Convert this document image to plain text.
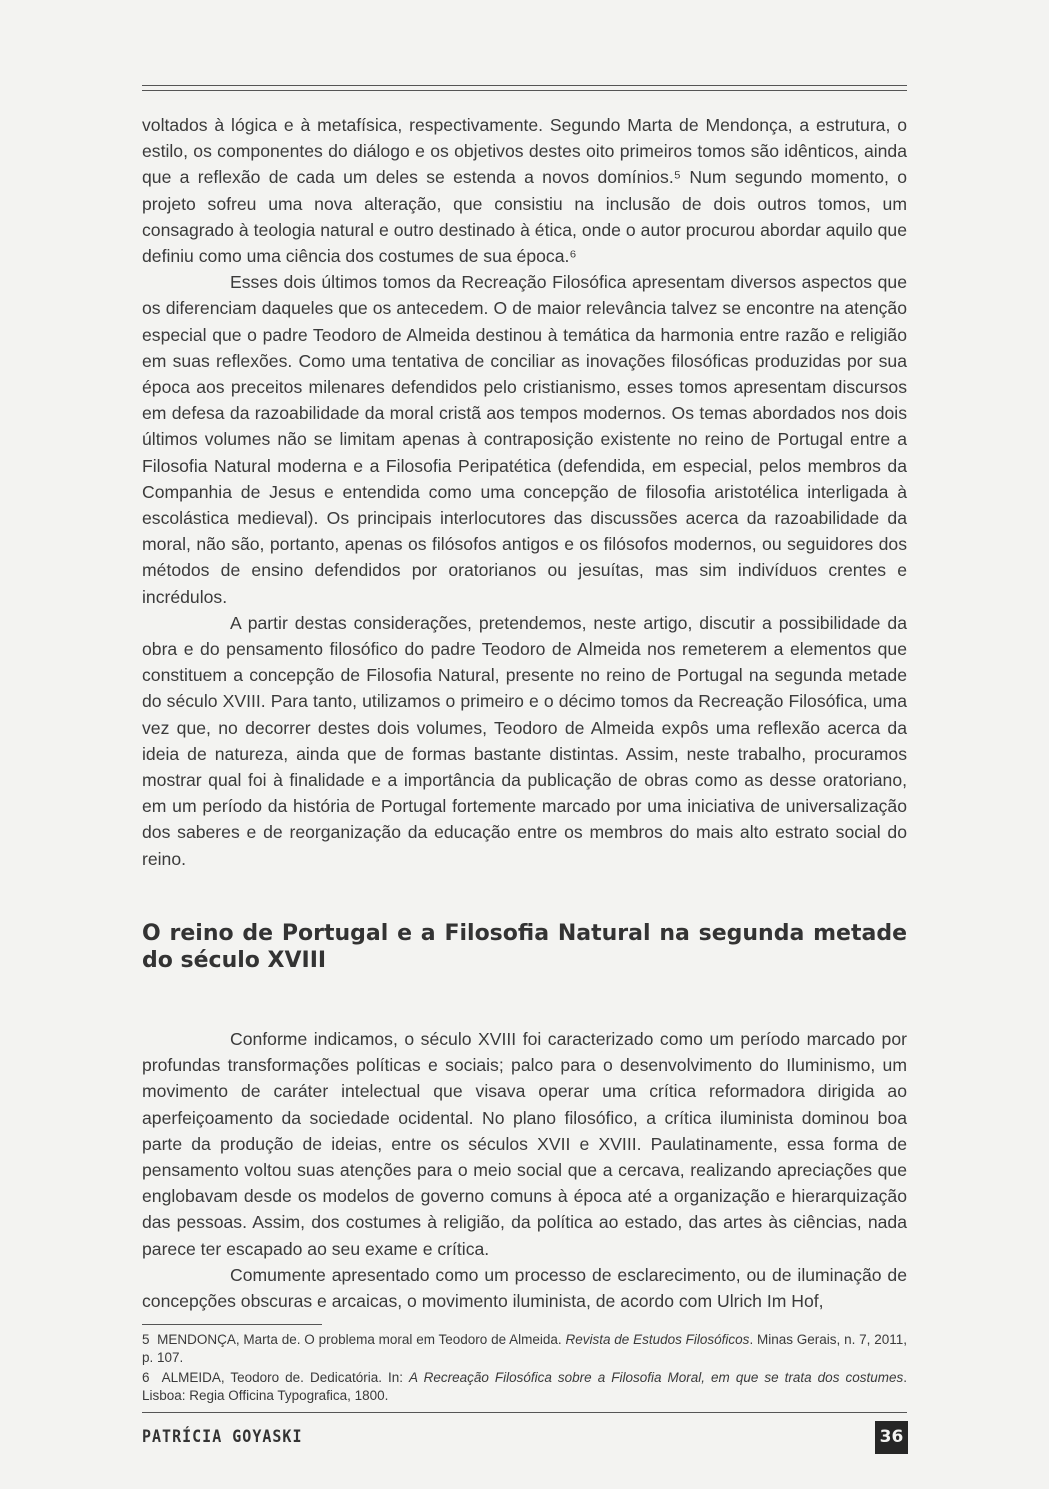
voltados à lógica e à metafísica, respectivamente. Segundo Marta de Mendonça, a estrutura, o estilo, os componentes do diálogo e os objetivos destes oito primeiros tomos são idênticos, ainda que a reflexão de cada um deles se estenda a novos domínios.⁵ Num segundo momento, o projeto sofreu uma nova alteração, que consistiu na inclusão de dois outros tomos, um consagrado à teologia natural e outro destinado à ética, onde o autor procurou abordar aquilo que definiu como uma ciência dos costumes de sua época.⁶

Esses dois últimos tomos da Recreação Filosófica apresentam diversos aspectos que os diferenciam daqueles que os antecedem. O de maior relevância talvez se encontre na atenção especial que o padre Teodoro de Almeida destinou à temática da harmonia entre razão e religião em suas reflexões. Como uma tentativa de conciliar as inovações filosóficas produzidas por sua época aos preceitos milenares defendidos pelo cristianismo, esses tomos apresentam discursos em defesa da razoabilidade da moral cristã aos tempos modernos. Os temas abordados nos dois últimos volumes não se limitam apenas à contraposição existente no reino de Portugal entre a Filosofia Natural moderna e a Filosofia Peripatética (defendida, em especial, pelos membros da Companhia de Jesus e entendida como uma concepção de filosofia aristotélica interligada à escolástica medieval). Os principais interlocutores das discussões acerca da razoabilidade da moral, não são, portanto, apenas os filósofos antigos e os filósofos modernos, ou seguidores dos métodos de ensino defendidos por oratorianos ou jesuítas, mas sim indivíduos crentes e incrédulos.

A partir destas considerações, pretendemos, neste artigo, discutir a possibilidade da obra e do pensamento filosófico do padre Teodoro de Almeida nos remeterem a elementos que constituem a concepção de Filosofia Natural, presente no reino de Portugal na segunda metade do século XVIII. Para tanto, utilizamos o primeiro e o décimo tomos da Recreação Filosófica, uma vez que, no decorrer destes dois volumes, Teodoro de Almeida expôs uma reflexão acerca da ideia de natureza, ainda que de formas bastante distintas. Assim, neste trabalho, procuramos mostrar qual foi à finalidade e a importância da publicação de obras como as desse oratoriano, em um período da história de Portugal fortemente marcado por uma iniciativa de universalização dos saberes e de reorganização da educação entre os membros do mais alto estrato social do reino.

O reino de Portugal e a Filosofia Natural na segunda metade do século XVIII

Conforme indicamos, o século XVIII foi caracterizado como um período marcado por profundas transformações políticas e sociais; palco para o desenvolvimento do Iluminismo, um movimento de caráter intelectual que visava operar uma crítica reformadora dirigida ao aperfeiçoamento da sociedade ocidental. No plano filosófico, a crítica iluminista dominou boa parte da produção de ideias, entre os séculos XVII e XVIII. Paulatinamente, essa forma de pensamento voltou suas atenções para o meio social que a cercava, realizando apreciações que englobavam desde os modelos de governo comuns à época até a organização e hierarquização das pessoas. Assim, dos costumes à religião, da política ao estado, das artes às ciências, nada parece ter escapado ao seu exame e crítica.

Comumente apresentado como um processo de esclarecimento, ou de iluminação de concepções obscuras e arcaicas, o movimento iluminista, de acordo com Ulrich Im Hof,

5 MENDONÇA, Marta de. O problema moral em Teodoro de Almeida. Revista de Estudos Filosóficos. Minas Gerais, n. 7, 2011, p. 107.

6 ALMEIDA, Teodoro de. Dedicatória. In: A Recreação Filosófica sobre a Filosofia Moral, em que se trata dos costumes. Lisboa: Regia Officina Typografica, 1800.

PATRÍCIA GOYASKI	36
